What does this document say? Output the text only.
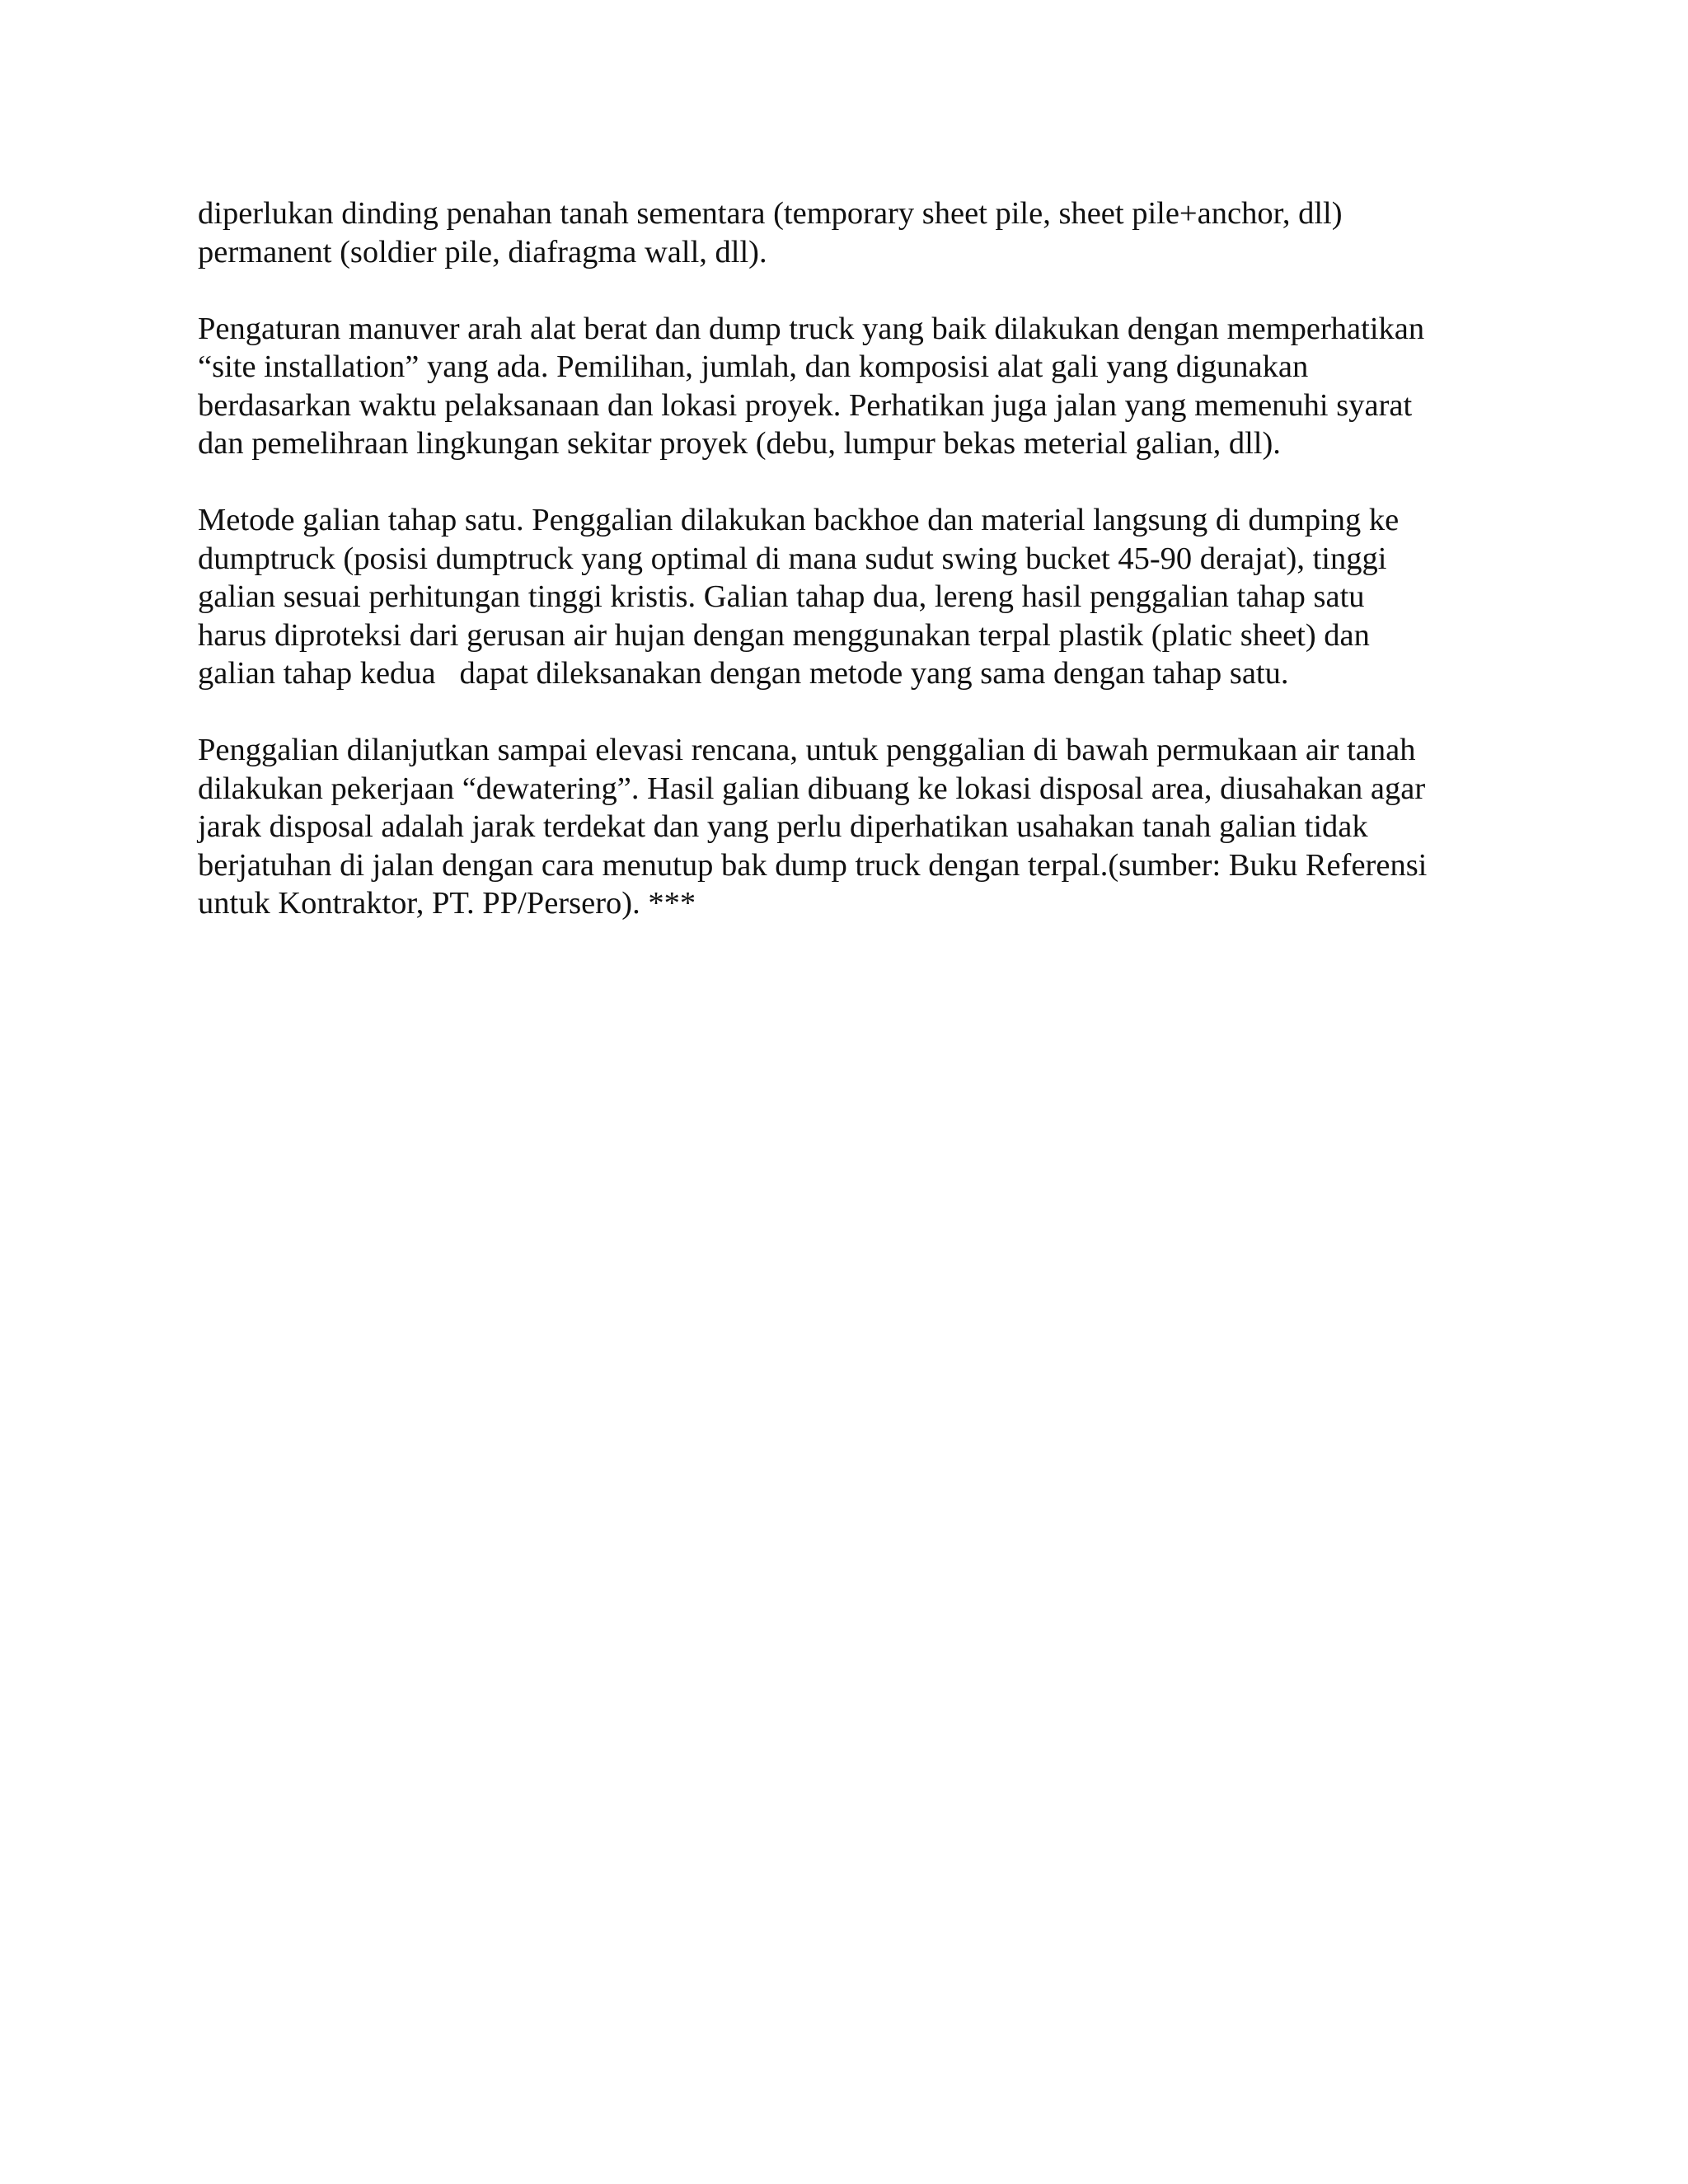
diperlukan dinding penahan tanah sementara (temporary sheet pile, sheet pile+anchor, dll)
permanent (soldier pile, diafragma wall, dll).
Pengaturan manuver arah alat berat dan dump truck yang baik dilakukan dengan memperhatikan
“site installation” yang ada. Pemilihan, jumlah, dan komposisi alat gali yang digunakan
berdasarkan waktu pelaksanaan dan lokasi proyek. Perhatikan juga jalan yang memenuhi syarat
dan pemelihraan lingkungan sekitar proyek (debu, lumpur bekas meterial galian, dll).
Metode galian tahap satu. Penggalian dilakukan backhoe dan material langsung di dumping ke
dumptruck (posisi dumptruck yang optimal di mana sudut swing bucket 45-90 derajat), tinggi
galian sesuai perhitungan tinggi kristis. Galian tahap dua, lereng hasil penggalian tahap satu
harus diproteksi dari gerusan air hujan dengan menggunakan terpal plastik (platic sheet) dan
galian tahap kedua   dapat dileksanakan dengan metode yang sama dengan tahap satu.
Penggalian dilanjutkan sampai elevasi rencana, untuk penggalian di bawah permukaan air tanah
dilakukan pekerjaan “dewatering”. Hasil galian dibuang ke lokasi disposal area, diusahakan agar
jarak disposal adalah jarak terdekat dan yang perlu diperhatikan usahakan tanah galian tidak
berjatuhan di jalan dengan cara menutup bak dump truck dengan terpal.(sumber: Buku Referensi
untuk Kontraktor, PT. PP/Persero). ***
